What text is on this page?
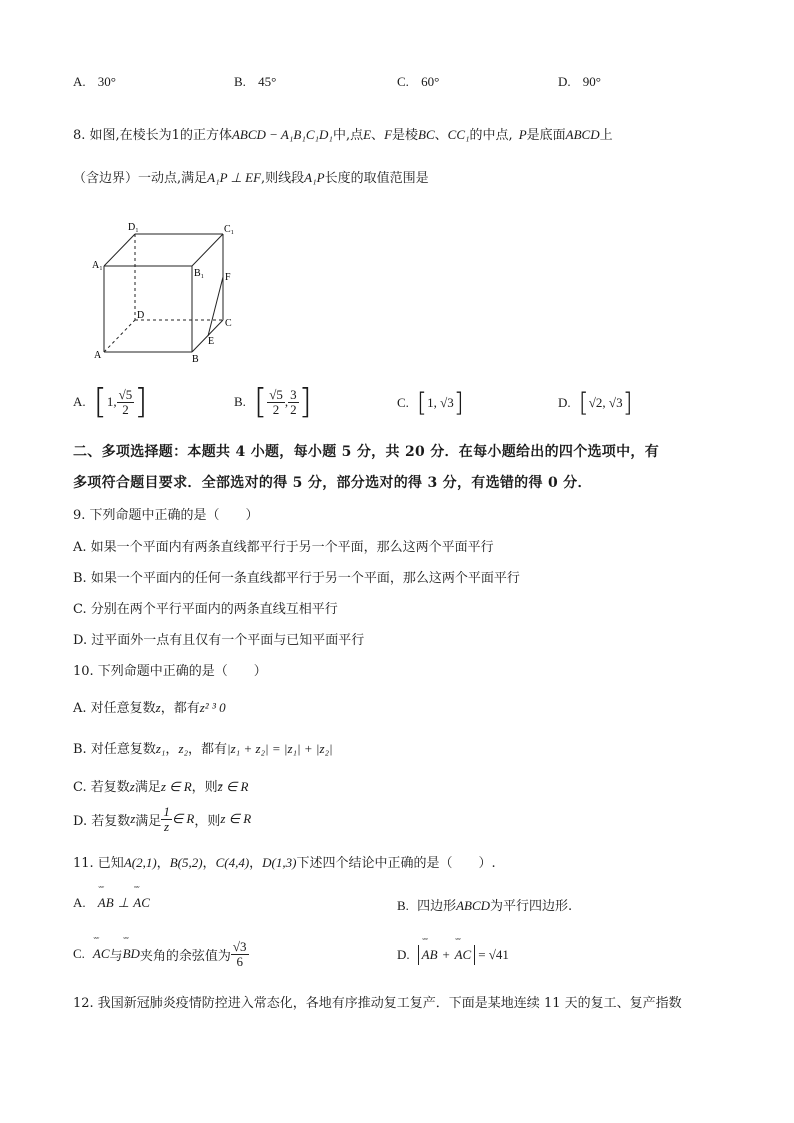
A. 30°	B. 45°	C. 60°	D. 90°
8. 如图,在棱长为1的正方体ABCD − A₁B₁C₁D₁中,点E、F是棱BC、CC₁的中点, P是底面ABCD上
（含边界）一动点,满足A₁P ⊥ EF,则线段A₁P长度的取值范围是
A	B
C
D
A₁
B₁
C₁
D₁
E
F
A. [ 1, $\frac{√5}{2}$ ]	B. [ $\frac{√5}{2}$ , $\frac{3}{2}$ ]	C. [ 1, √3 ]	D. [ √2, √3 ]
二、多项选择题：本题共 4 小题，每小题 5 分，共 20 分．在每小题给出的四个选项中，有
多项符合题目要求．全部选对的得 5 分，部分选对的得 3 分，有选错的得 0 分．
9. 下列命题中正确的是（　　）
A. 如果一个平面内有两条直线都平行于另一个平面，那么这两个平面平行
B. 如果一个平面内的任何一条直线都平行于另一个平面，那么这两个平面平行
C. 分别在两个平行平面内的两条直线互相平行
D. 过平面外一点有且仅有一个平面与已知平面平行
10. 下列命题中正确的是（　　）
A. 对任意复数z，都有z² ³ 0
B. 对任意复数z₁，z₂，都有|z₁ + z₂| = |z₁| + |z₂|
C. 若复数z满足z ∈ R，则z̄ ∈ R
D. 若复数 z 满足 $\frac{1}{z}$ ∈ R ，则 z ∈ R
11. 已知A(2,1)，B(5,2)，C(4,4)，D(1,3)下述四个结论中正确的是（　　）.
A. ˇˇˇ AB ⊥ ˇˇˇ AC	B. 四边形ABCD为平行四边形.
C. ˇˇˇ AC 与 ˇˇˇ BD 夹角的余弦值为 $\frac{√3}{6}$	D. ˇˇˇ AB + ˇˇˇ AC = √41
12. 我国新冠肺炎疫情防控进入常态化，各地有序推动复工复产．下面是某地连续 11 天的复工、复产指数
